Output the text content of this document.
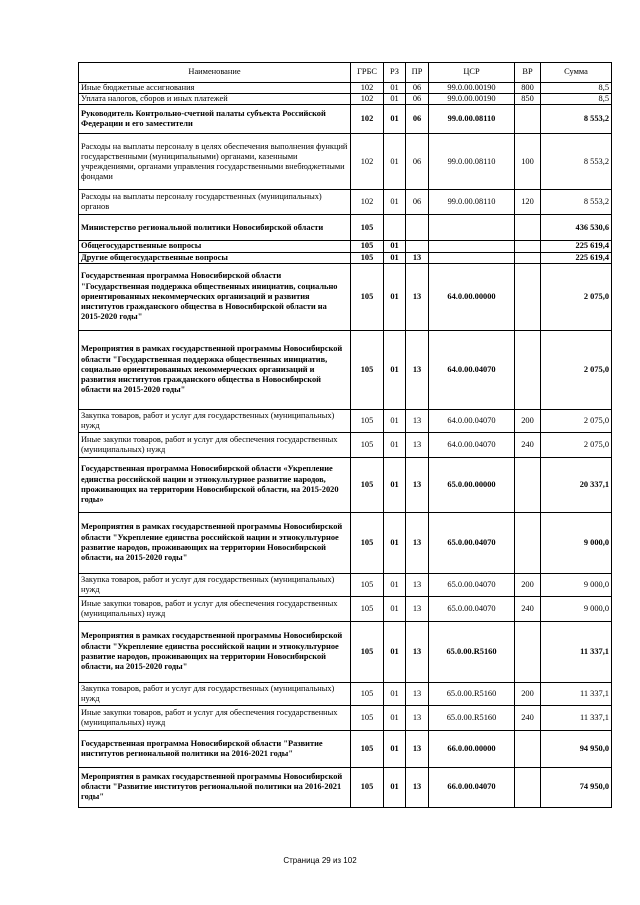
Наименование	ГРБС	РЗ	ПР	ЦСР	ВР	Сумма
Иные бюджетные ассигнования	102	01	06	99.0.00.00190	800	8,5
Уплата налогов, сборов и иных платежей	102	01	06	99.0.00.00190	850	8,5
Руководитель Контрольно-счетной палаты субъекта Российской Федерации и его заместители	102	01	06	99.0.00.08110		8 553,2
Расходы на выплаты персоналу в целях обеспечения выполнения функций государственными (муниципальными) органами, казенными учреждениями, органами управления государственными внебюджетными фондами	102	01	06	99.0.00.08110	100	8 553,2
Расходы на выплаты персоналу государственных (муниципальных) органов	102	01	06	99.0.00.08110	120	8 553,2
Министерство региональной политики Новосибирской области	105					436 530,6
Общегосударственные вопросы	105	01				225 619,4
Другие общегосударственные вопросы	105	01	13			225 619,4
Государственная программа Новосибирской области "Государственная поддержка общественных инициатив, социально ориентированных некоммерческих организаций и развития институтов гражданского общества в Новосибирской области на 2015-2020 годы"	105	01	13	64.0.00.00000		2 075,0
Мероприятия в рамках государственной программы Новосибирской области "Государственная поддержка общественных инициатив, социально ориентированных некоммерческих организаций и развития институтов гражданского общества в Новосибирской области на 2015-2020 годы"	105	01	13	64.0.00.04070		2 075,0
Закупка товаров, работ и услуг для государственных (муниципальных) нужд	105	01	13	64.0.00.04070	200	2 075,0
Иные закупки товаров, работ и услуг для обеспечения государственных (муниципальных) нужд	105	01	13	64.0.00.04070	240	2 075,0
Государственная программа Новосибирской области «Укрепление единства российской нации и этнокультурное развитие народов, проживающих на территории Новосибирской области, на 2015-2020 годы»	105	01	13	65.0.00.00000		20 337,1
Мероприятия в рамках государственной программы Новосибирской области "Укрепление единства российской нации и этнокультурное развитие народов, проживающих на территории Новосибирской области, на 2015-2020 годы"	105	01	13	65.0.00.04070		9 000,0
Закупка товаров, работ и услуг для государственных (муниципальных) нужд	105	01	13	65.0.00.04070	200	9 000,0
Иные закупки товаров, работ и услуг для обеспечения государственных (муниципальных) нужд	105	01	13	65.0.00.04070	240	9 000,0
Мероприятия в рамках государственной программы Новосибирской области "Укрепление единства российской нации и этнокультурное развитие народов, проживающих на территории Новосибирской области, на 2015-2020 годы"	105	01	13	65.0.00.R5160		11 337,1
Закупка товаров, работ и услуг для государственных (муниципальных) нужд	105	01	13	65.0.00.R5160	200	11 337,1
Иные закупки товаров, работ и услуг для обеспечения государственных (муниципальных) нужд	105	01	13	65.0.00.R5160	240	11 337,1
Государственная программа Новосибирской области "Развитие институтов региональной политики на 2016-2021 годы"	105	01	13	66.0.00.00000		94 950,0
Мероприятия в рамках государственной программы Новосибирской области "Развитие институтов региональной политики на 2016-2021 годы"	105	01	13	66.0.00.04070		74 950,0
Страница 29 из 102
